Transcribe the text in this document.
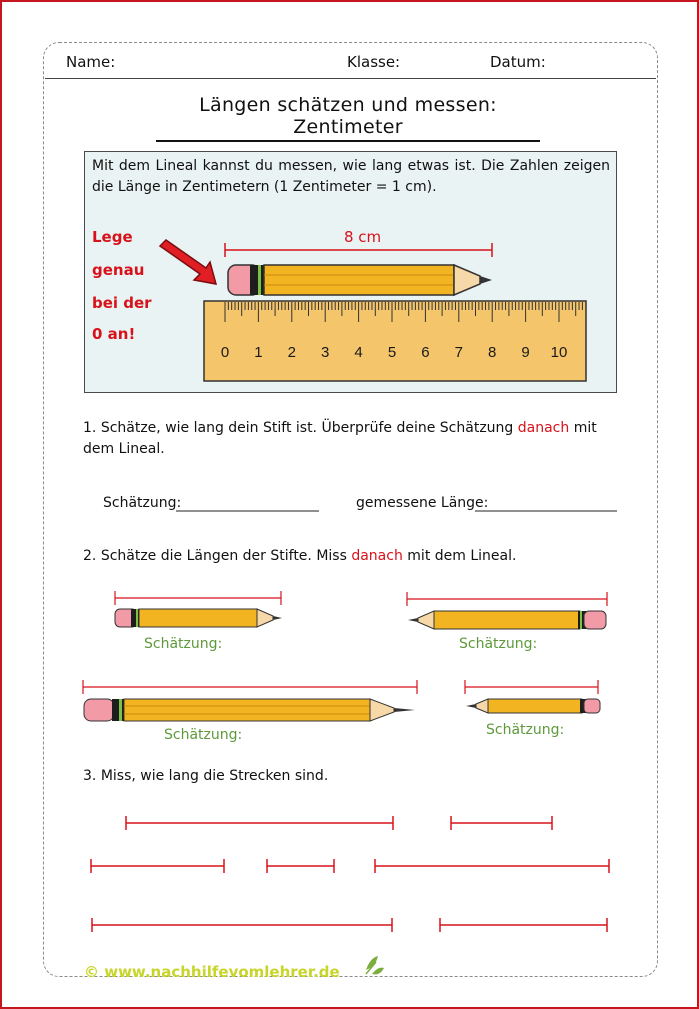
Name:	Klasse:	Datum:
Längen schätzen und messen: Zentimeter
Mit dem Lineal kannst du messen, wie lang etwas ist. Die Zahlen zeigen die Länge in Zentimetern (1 Zentimeter = 1 cm).
Lege
genau
bei der
0 an!
8 cm
0 1 2 3 4 5 6 7 8 9 10
1. Schätze, wie lang dein Stift ist. Überprüfe deine Schätzung danach mit dem Lineal.
Schätzung:	gemessene Länge:
2. Schätze die Längen der Stifte. Miss danach mit dem Lineal.
Schätzung:	Schätzung:
Schätzung:	Schätzung:
3. Miss, wie lang die Strecken sind.
© www.nachhilfevomlehrer.de
